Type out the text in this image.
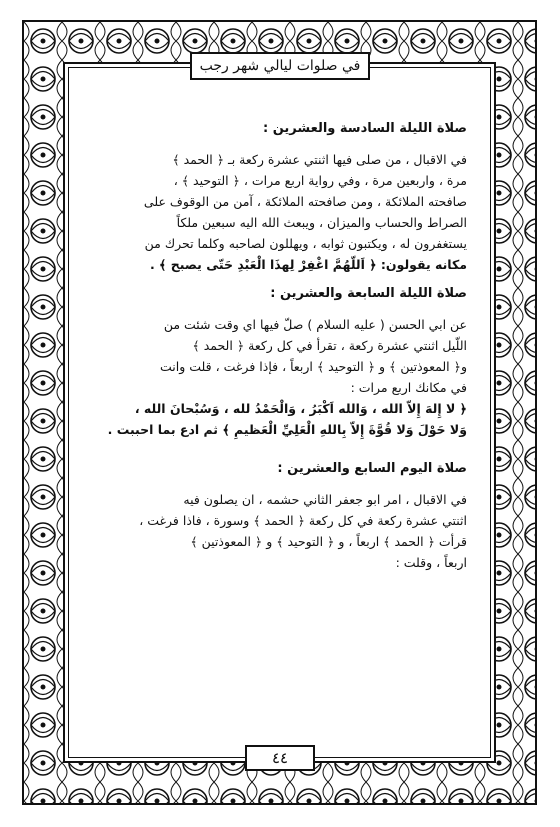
في صلوات ليالي شهر رجب
صلاة الليلة السادسة والعشرين :
في الاقبال ، من صلى فيها اثنتي عشرة ركعة بـ ﴿ الحمد ﴾
مرة ، واربعين مرة ، وفي رواية اربع مرات ، ﴿ التوحيد ﴾ ،
صافحته الملائكة ، ومن صافحته الملائكة ، آمن من الوقوف على
الصراط والحساب والميزان ، ويبعث الله اليه سبعين ملكاً
يستغفرون له ، ويكتبون ثوابه ، ويهللون لصاحبه وكلما تحرك من
مكانه يقولون: ﴿ اَللّهُمَّ اغْفِرْ لِهذَا الْعَبْدِ حَتّى يصبح ﴾ .
صلاة الليلة السابعة والعشرين :
عن ابي الحسن ( عليه السلام ) صلّ فيها اي وقت شئت من
اللّيل اثنتي عشرة ركعة ، تقرأ في كل ركعة ﴿ الحمد ﴾
و﴿ المعوذتين ﴾ و ﴿ التوحيد ﴾ اربعاً ، فإذا فرغت ، قلت وانت
في مكانك اربع مرات :
﴿ لا إِلهَ إِلاّ الله ، وَالله اَكْبَرُ ، وَالْحَمْدُ لله ، وَسُبْحانَ الله ،
وَلا حَوْلَ وَلا قُوَّةَ إِلاّ بِاللهِ الْعَلِيِّ الْعَظيمِ ﴾ ثم ادع بما احببت .
صلاة اليوم السابع والعشرين :
في الاقبال ، امر ابو جعفر الثاني حشمه ، ان يصلون فيه
اثنتي عشرة ركعة في كل ركعة ﴿ الحمد ﴾ وسورة ، فاذا فرغت ،
قرأت ﴿ الحمد ﴾ اربعاً ، و ﴿ التوحيد ﴾ و ﴿ المعوذتين ﴾
اربعاً ، وقلت :
٤٤
